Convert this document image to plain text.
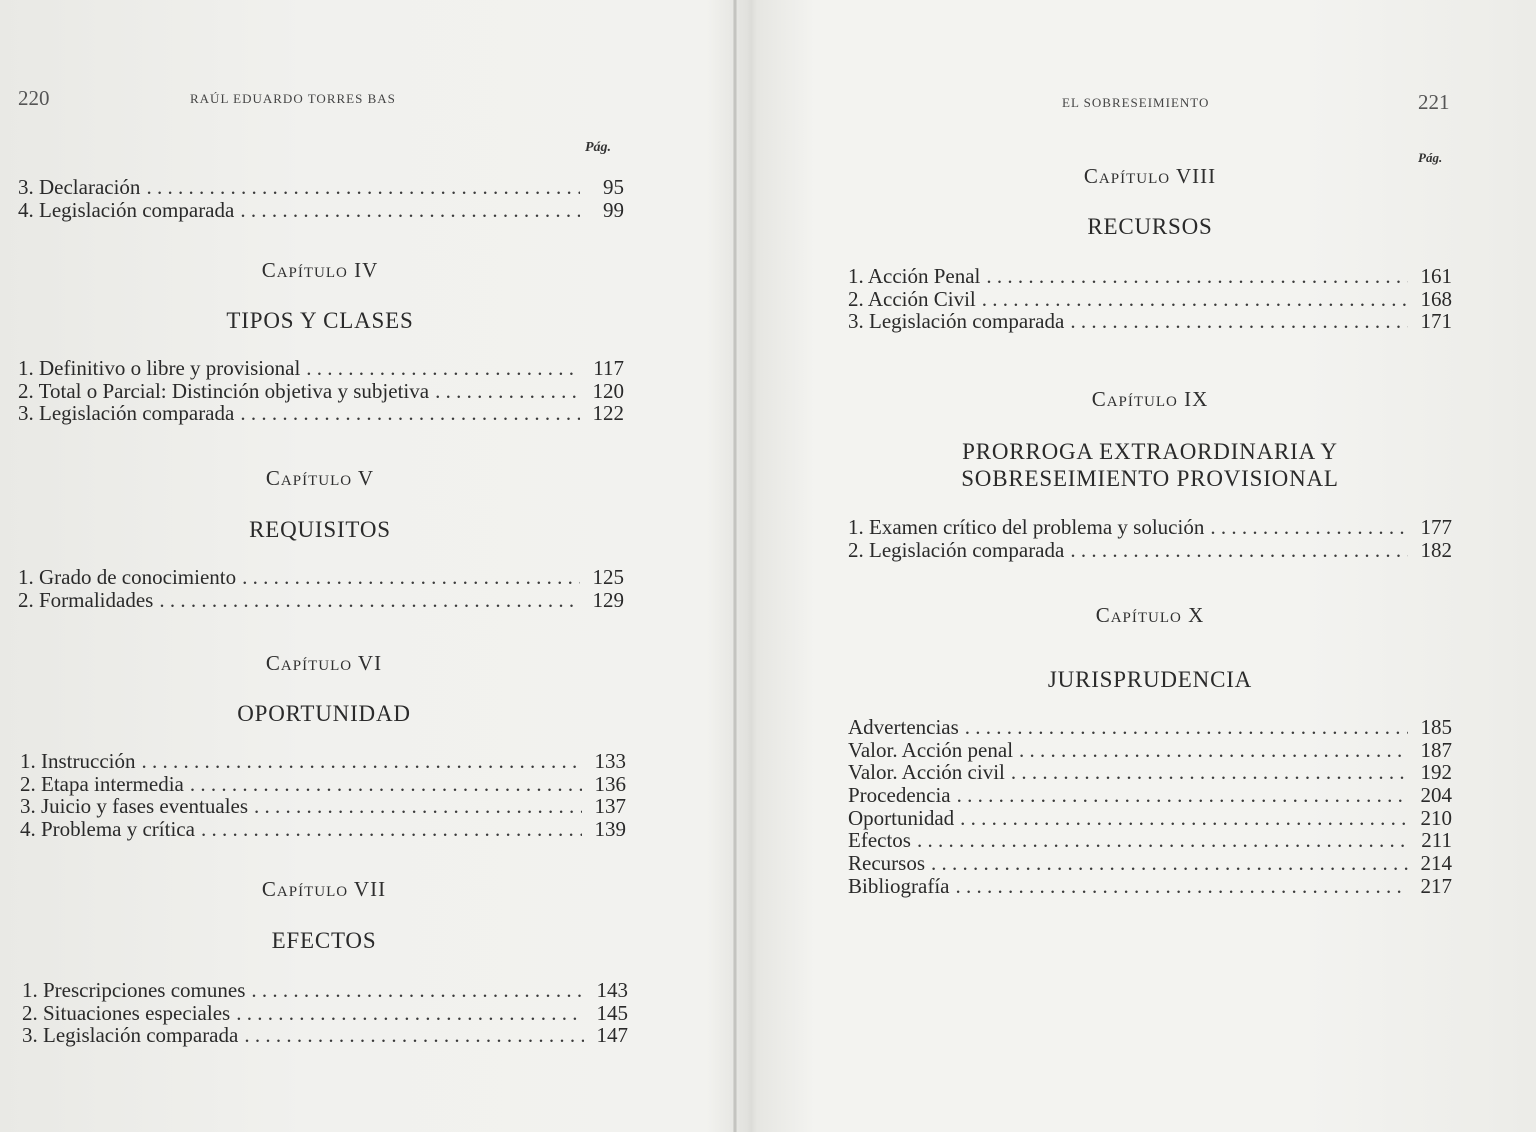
220	RAÚL EDUARDO TORRES BAS
Pág.
3. Declaración . . .	95
4. Legislación comparada . . .	99
Capítulo IV
TIPOS Y CLASES
1. Definitivo o libre y provisional . . .	117
2. Total o Parcial: Distinción objetiva y subjetiva . . .	120
3. Legislación comparada . . .	122
Capítulo V
REQUISITOS
1. Grado de conocimiento . . .	125
2. Formalidades . . .	129
Capítulo VI
OPORTUNIDAD
1. Instrucción . . .	133
2. Etapa intermedia . . .	136
3. Juicio y fases eventuales . . .	137
4. Problema y crítica . . .	139
Capítulo VII
EFECTOS
1. Prescripciones comunes . . .	143
2. Situaciones especiales . . .	145
3. Legislación comparada . . .	147
EL SOBRESEIMIENTO	221
Pág.
Capítulo VIII
RECURSOS
1. Acción Penal . . .	161
2. Acción Civil . . .	168
3. Legislación comparada . . .	171
Capítulo IX
PRORROGA EXTRAORDINARIA Y
SOBRESEIMIENTO PROVISIONAL
1. Examen crítico del problema y solución . . .	177
2. Legislación comparada . . .	182
Capítulo X
JURISPRUDENCIA
Advertencias . . .	185
Valor. Acción penal . . .	187
Valor. Acción civil . . .	192
Procedencia . . .	204
Oportunidad . . .	210
Efectos . . .	211
Recursos . . .	214
Bibliografía . . .	217
